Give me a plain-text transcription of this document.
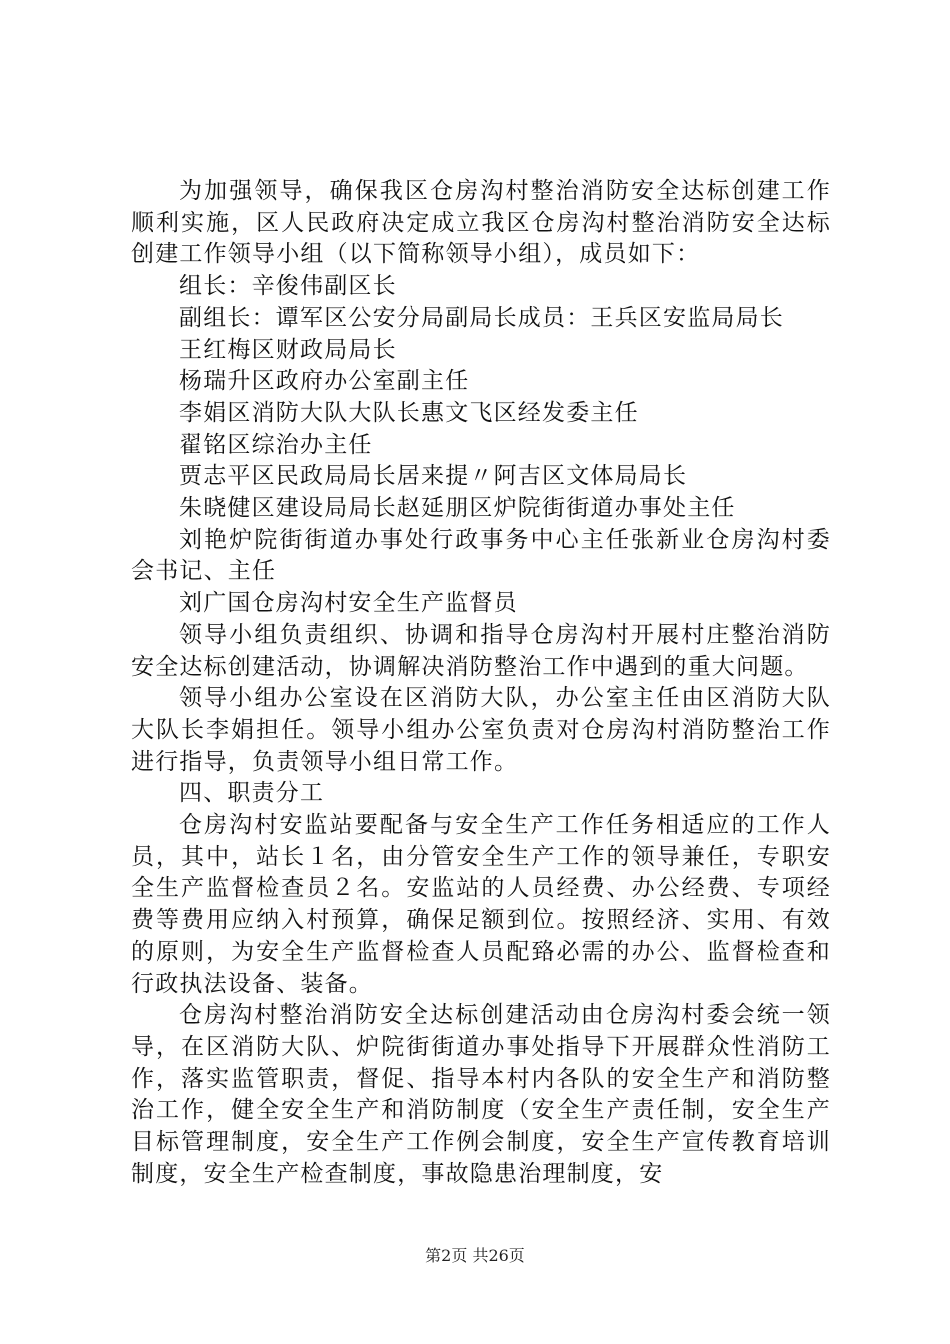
为加强领导，确保我区仓房沟村整治消防安全达标创建工作顺利实施，区人民政府决定成立我区仓房沟村整治消防安全达标创建工作领导小组（以下简称领导小组），成员如下：

组长：辛俊伟副区长

副组长：谭军区公安分局副局长成员：王兵区安监局局长

王红梅区财政局局长

杨瑞升区政府办公室副主任

李娟区消防大队大队长惠文飞区经发委主任

翟铭区综治办主任

贾志平区民政局局长居来提〃阿吉区文体局局长

朱晓健区建设局局长赵延朋区炉院街街道办事处主任

刘艳炉院街街道办事处行政事务中心主任张新业仓房沟村委会书记、主任

刘广国仓房沟村安全生产监督员

领导小组负责组织、协调和指导仓房沟村开展村庄整治消防安全达标创建活动，协调解决消防整治工作中遇到的重大问题。

领导小组办公室设在区消防大队，办公室主任由区消防大队大队长李娟担任。领导小组办公室负责对仓房沟村消防整治工作进行指导，负责领导小组日常工作。

四、职责分工

仓房沟村安监站要配备与安全生产工作任务相适应的工作人员，其中，站长１名，由分管安全生产工作的领导兼任，专职安全生产监督检查员２名。安监站的人员经费、办公经费、专项经费等费用应纳入村预算，确保足额到位。按照经济、实用、有效的原则，为安全生产监督检查人员配臵必需的办公、监督检查和行政执法设备、装备。

仓房沟村整治消防安全达标创建活动由仓房沟村委会统一领导，在区消防大队、炉院街街道办事处指导下开展群众性消防工作，落实监管职责，督促、指导本村内各队的安全生产和消防整治工作，健全安全生产和消防制度（安全生产责任制，安全生产目标管理制度，安全生产工作例会制度，安全生产宣传教育培训制度，安全生产检查制度，事故隐患治理制度，安

第2页 共26页
